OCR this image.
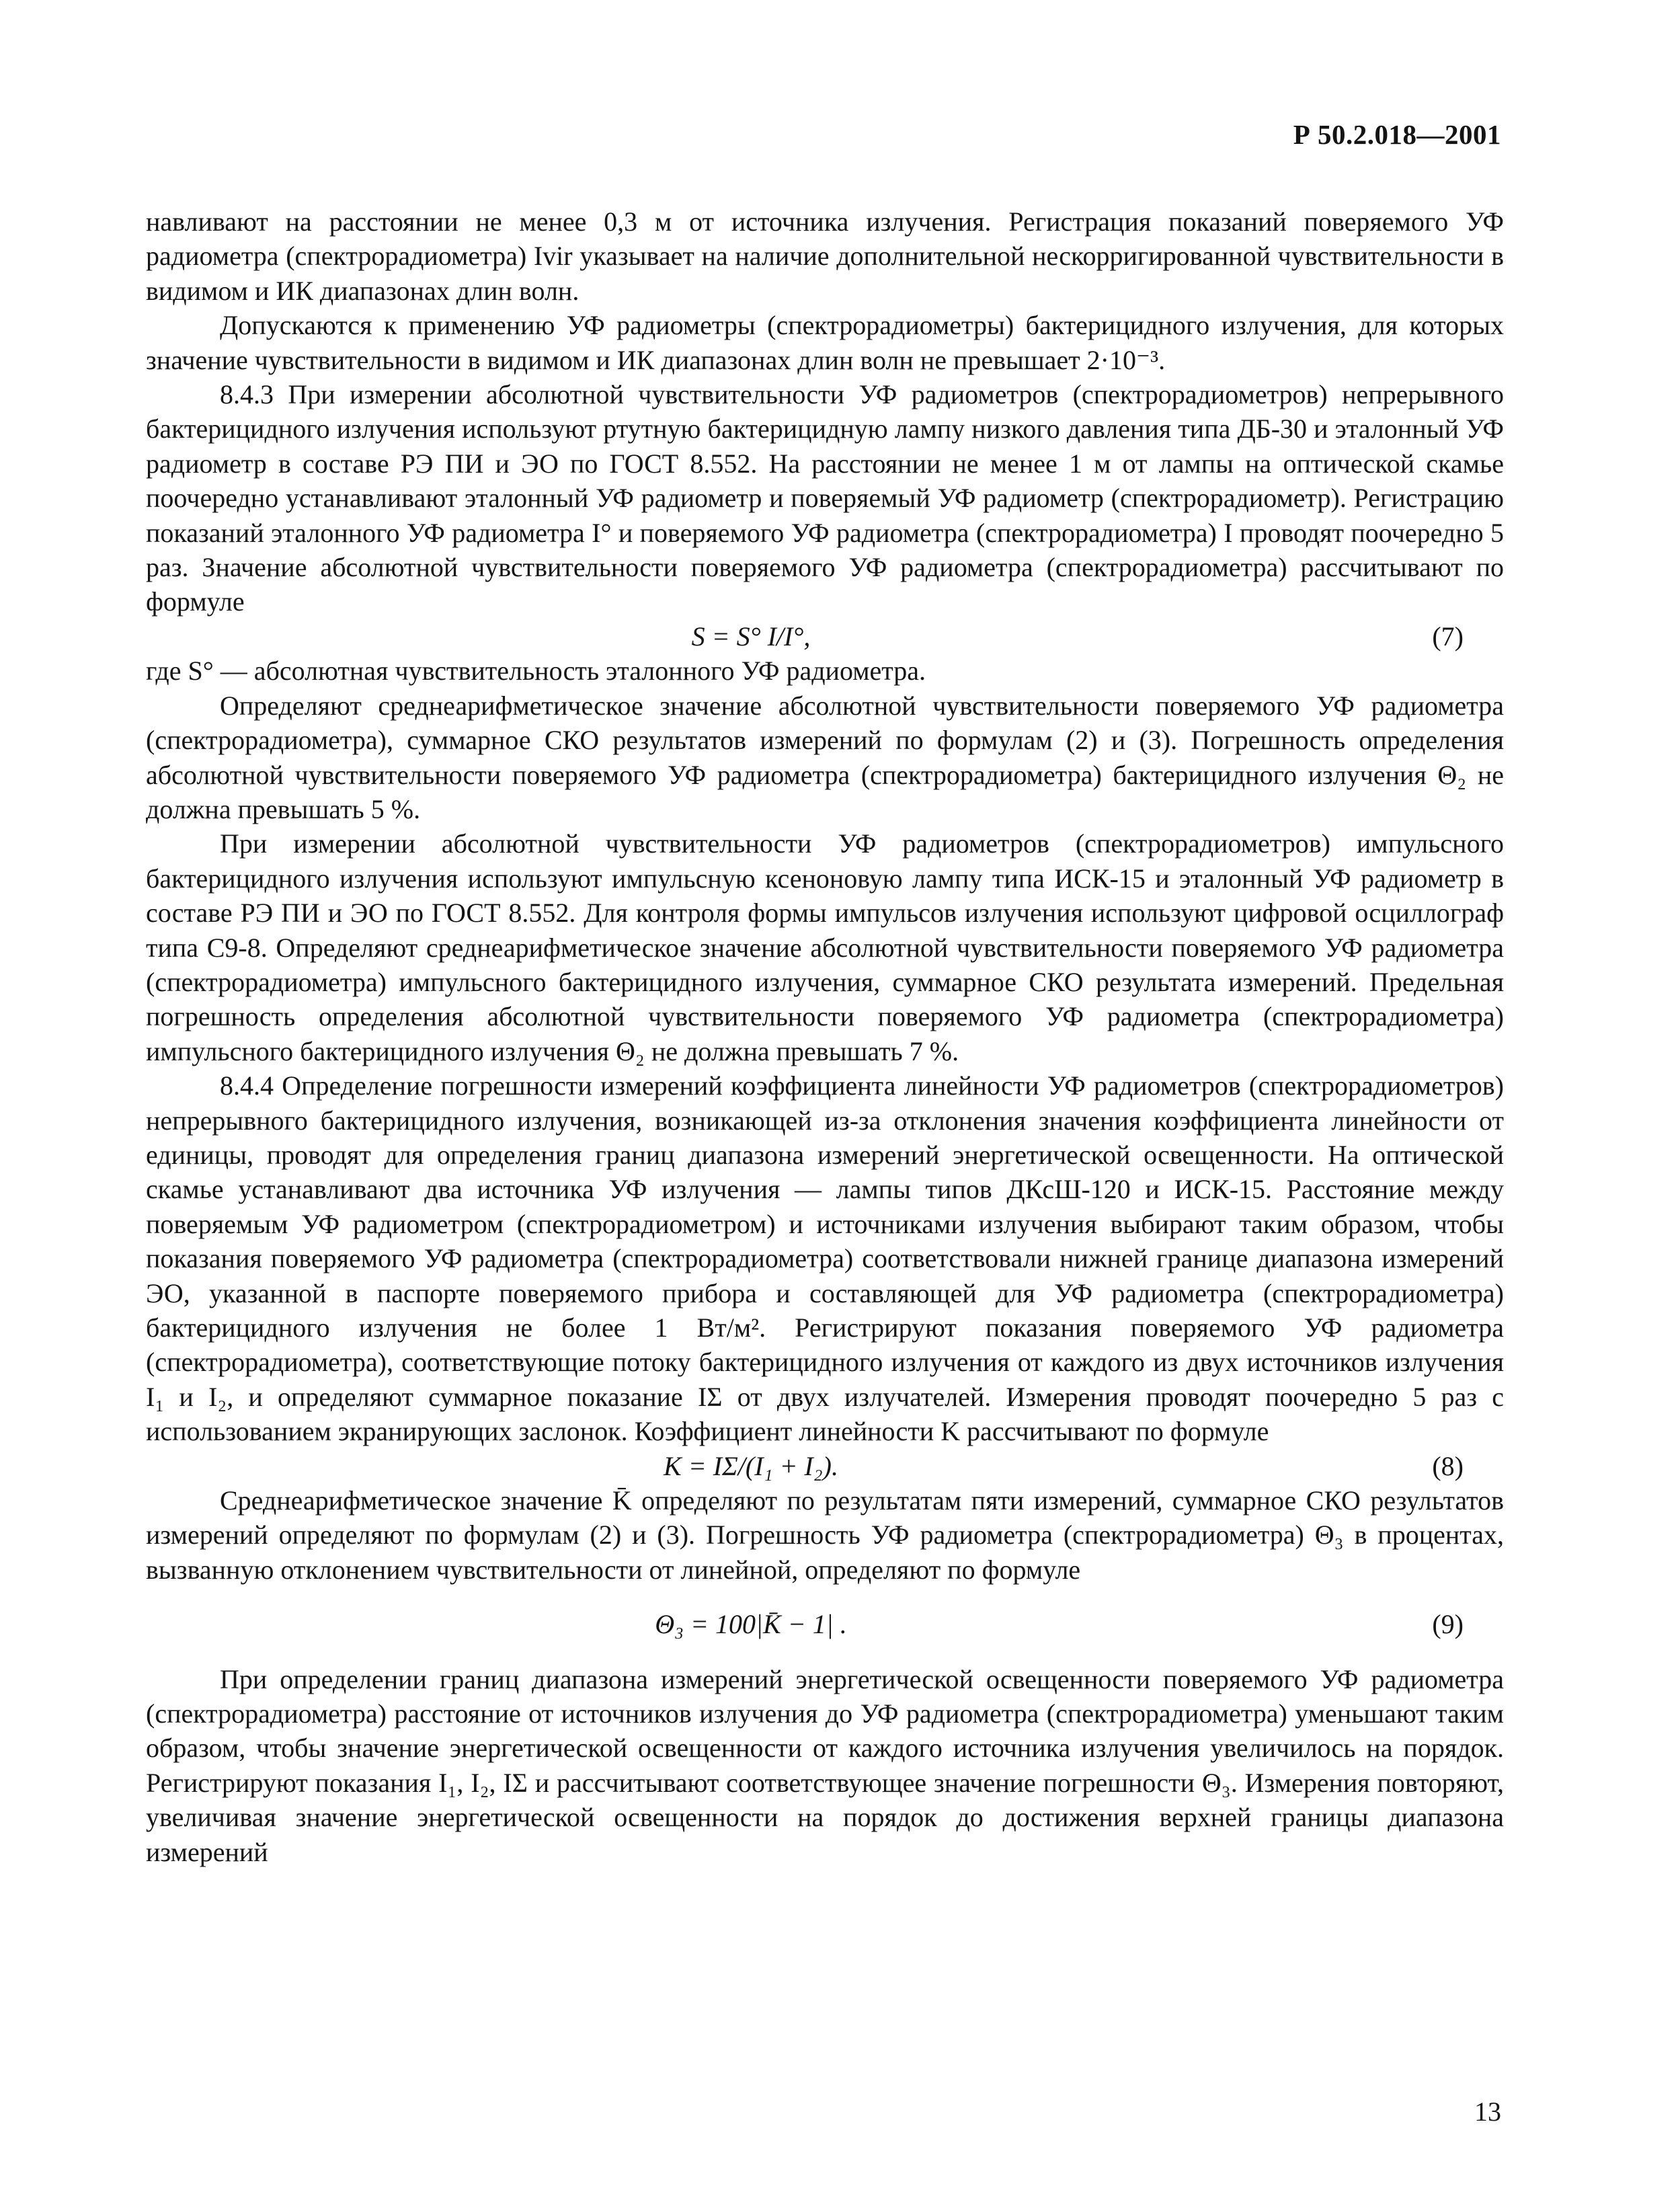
Р 50.2.018—2001

навливают на расстоянии не менее 0,3 м от источника излучения. Регистрация показаний поверяемого УФ радиометра (спектрорадиометра) Ivir указывает на наличие дополнительной нескорригированной чувствительности в видимом и ИК диапазонах длин волн.

Допускаются к применению УФ радиометры (спектрорадиометры) бактерицидного излучения, для которых значение чувствительности в видимом и ИК диапазонах длин волн не превышает 2·10⁻³.

8.4.3 При измерении абсолютной чувствительности УФ радиометров (спектрорадиометров) непрерывного бактерицидного излучения используют ртутную бактерицидную лампу низкого давления типа ДБ-30 и эталонный УФ радиометр в составе РЭ ПИ и ЭО по ГОСТ 8.552. На расстоянии не менее 1 м от лампы на оптической скамье поочередно устанавливают эталонный УФ радиометр и поверяемый УФ радиометр (спектрорадиометр). Регистрацию показаний эталонного УФ радиометра I° и поверяемого УФ радиометра (спектрорадиометра) I проводят поочередно 5 раз. Значение абсолютной чувствительности поверяемого УФ радиометра (спектрорадиометра) рассчитывают по формуле

S = S° I/I°,	(7)

где S° — абсолютная чувствительность эталонного УФ радиометра.

Определяют среднеарифметическое значение абсолютной чувствительности поверяемого УФ радиометра (спектрорадиометра), суммарное СКО результатов измерений по формулам (2) и (3). Погрешность определения абсолютной чувствительности поверяемого УФ радиометра (спектрорадиометра) бактерицидного излучения Θ₂ не должна превышать 5 %.

При измерении абсолютной чувствительности УФ радиометров (спектрорадиометров) импульсного бактерицидного излучения используют импульсную ксеноновую лампу типа ИСК-15 и эталонный УФ радиометр в составе РЭ ПИ и ЭО по ГОСТ 8.552. Для контроля формы импульсов излучения используют цифровой осциллограф типа С9-8. Определяют среднеарифметическое значение абсолютной чувствительности поверяемого УФ радиометра (спектрорадиометра) импульсного бактерицидного излучения, суммарное СКО результата измерений. Предельная погрешность определения абсолютной чувствительности поверяемого УФ радиометра (спектрорадиометра) импульсного бактерицидного излучения Θ₂ не должна превышать 7 %.

8.4.4 Определение погрешности измерений коэффициента линейности УФ радиометров (спектрорадиометров) непрерывного бактерицидного излучения, возникающей из-за отклонения значения коэффициента линейности от единицы, проводят для определения границ диапазона измерений энергетической освещенности. На оптической скамье устанавливают два источника УФ излучения — лампы типов ДКсШ-120 и ИСК-15. Расстояние между поверяемым УФ радиометром (спектрорадиометром) и источниками излучения выбирают таким образом, чтобы показания поверяемого УФ радиометра (спектрорадиометра) соответствовали нижней границе диапазона измерений ЭО, указанной в паспорте поверяемого прибора и составляющей для УФ радиометра (спектрорадиометра) бактерицидного излучения не более 1 Вт/м². Регистрируют показания поверяемого УФ радиометра (спектрорадиометра), соответствующие потоку бактерицидного излучения от каждого из двух источников излучения I₁ и I₂, и определяют суммарное показание IΣ от двух излучателей. Измерения проводят поочередно 5 раз с использованием экранирующих заслонок. Коэффициент линейности K рассчитывают по формуле

K = IΣ/(I₁ + I₂).	(8)

Среднеарифметическое значение K̄ определяют по результатам пяти измерений, суммарное СКО результатов измерений определяют по формулам (2) и (3). Погрешность УФ радиометра (спектрорадиометра) Θ₃ в процентах, вызванную отклонением чувствительности от линейной, определяют по формуле

Θ₃ = 100|K̄ − 1| .	(9)

При определении границ диапазона измерений энергетической освещенности поверяемого УФ радиометра (спектрорадиометра) расстояние от источников излучения до УФ радиометра (спектрорадиометра) уменьшают таким образом, чтобы значение энергетической освещенности от каждого источника излучения увеличилось на порядок. Регистрируют показания I₁, I₂, IΣ и рассчитывают соответствующее значение погрешности Θ₃. Измерения повторяют, увеличивая значение энергетической освещенности на порядок до достижения верхней границы диапазона измерений

13
